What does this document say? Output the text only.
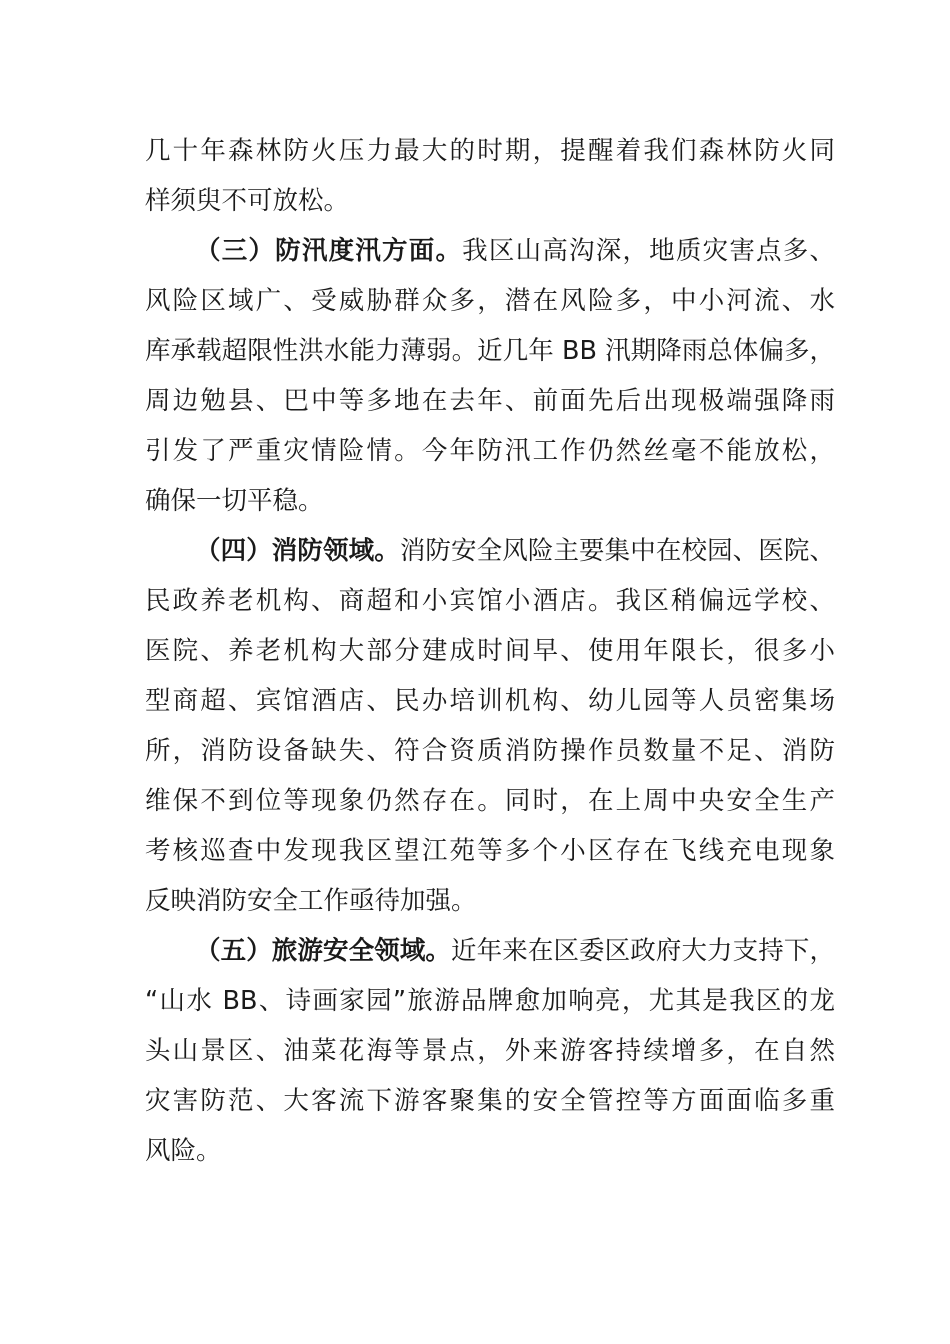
几十年森林防火压力最大的时期，提醒着我们森林防火同
样须臾不可放松。
（三）防汛度汛方面。我区山高沟深，地质灾害点多、
风险区域广、受威胁群众多，潜在风险多，中小河流、水
库承载超限性洪水能力薄弱。近几年 BB 汛期降雨总体偏多，
周边勉县、巴中等多地在去年、前面先后出现极端强降雨
引发了严重灾情险情。今年防汛工作仍然丝毫不能放松，
确保一切平稳。
（四）消防领域。消防安全风险主要集中在校园、医院、
民政养老机构、商超和小宾馆小酒店。我区稍偏远学校、
医院、养老机构大部分建成时间早、使用年限长，很多小
型商超、宾馆酒店、民办培训机构、幼儿园等人员密集场
所，消防设备缺失、符合资质消防操作员数量不足、消防
维保不到位等现象仍然存在。同时，在上周中央安全生产
考核巡查中发现我区望江苑等多个小区存在飞线充电现象
反映消防安全工作亟待加强。
（五）旅游安全领域。近年来在区委区政府大力支持下，
“山水 BB、诗画家园”旅游品牌愈加响亮，尤其是我区的龙
头山景区、油菜花海等景点，外来游客持续增多，在自然
灾害防范、大客流下游客聚集的安全管控等方面面临多重
风险。
